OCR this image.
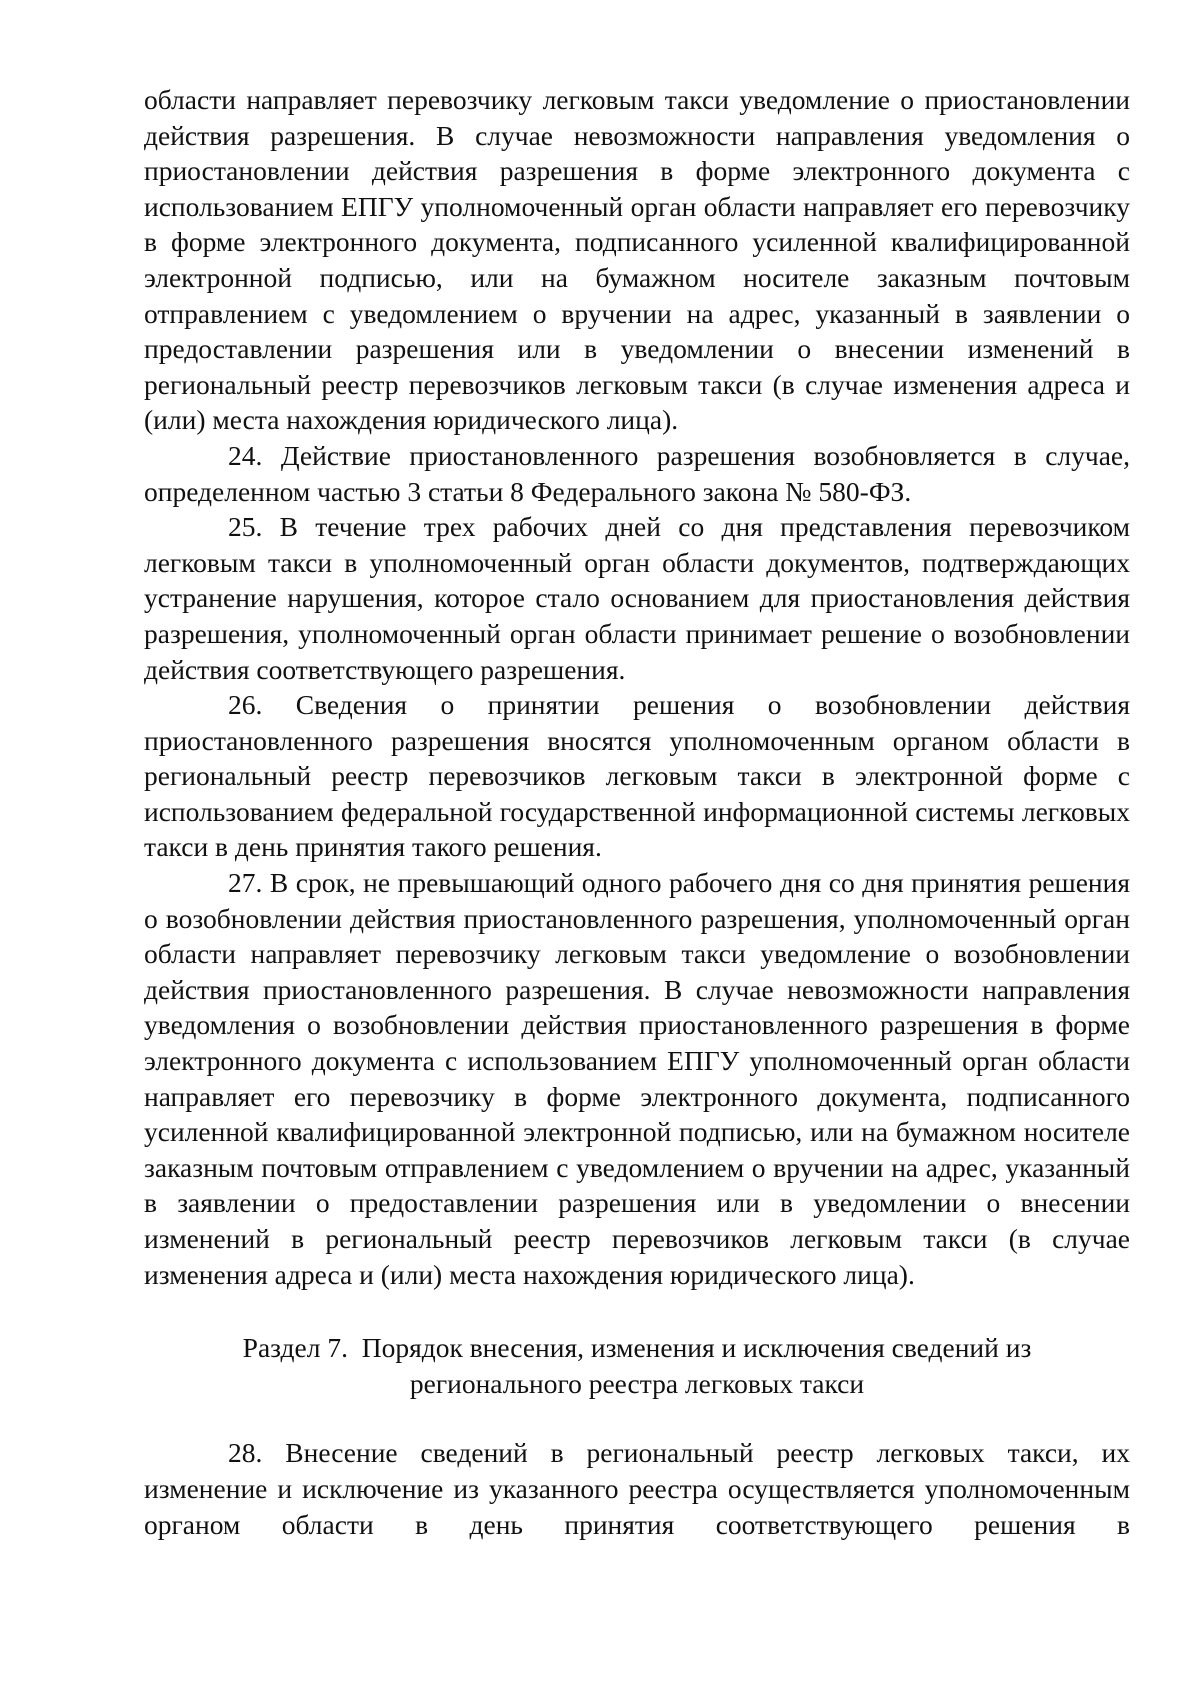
области направляет перевозчику легковым такси уведомление о приостановлении действия разрешения. В случае невозможности направления уведомления о приостановлении действия разрешения в форме электронного документа с использованием ЕПГУ уполномоченный орган области направляет его перевозчику в форме электронного документа, подписанного усиленной квалифицированной электронной подписью, или на бумажном носителе заказным почтовым отправлением с уведомлением о вручении на адрес, указанный в заявлении о предоставлении разрешения или в уведомлении о внесении изменений в региональный реестр перевозчиков легковым такси (в случае изменения адреса и (или) места нахождения юридического лица).

24. Действие приостановленного разрешения возобновляется в случае, определенном частью 3 статьи 8 Федерального закона № 580-ФЗ.

25. В течение трех рабочих дней со дня представления перевозчиком легковым такси в уполномоченный орган области документов, подтверждающих устранение нарушения, которое стало основанием для приостановления действия разрешения, уполномоченный орган области принимает решение о возобновлении действия соответствующего разрешения.

26. Сведения о принятии решения о возобновлении действия приостановленного разрешения вносятся уполномоченным органом области в региональный реестр перевозчиков легковым такси в электронной форме с использованием федеральной государственной информационной системы легковых такси в день принятия такого решения.

27. В срок, не превышающий одного рабочего дня со дня принятия решения о возобновлении действия приостановленного разрешения, уполномоченный орган области направляет перевозчику легковым такси уведомление о возобновлении действия приостановленного разрешения. В случае невозможности направления уведомления о возобновлении действия приостановленного разрешения в форме электронного документа с использованием ЕПГУ уполномоченный орган области направляет его перевозчику в форме электронного документа, подписанного усиленной квалифицированной электронной подписью, или на бумажном носителе заказным почтовым отправлением с уведомлением о вручении на адрес, указанный в заявлении о предоставлении разрешения или в уведомлении о внесении изменений в региональный реестр перевозчиков легковым такси (в случае изменения адреса и (или) места нахождения юридического лица).

Раздел 7.  Порядок внесения, изменения и исключения сведений из
регионального реестра легковых такси

28. Внесение сведений в региональный реестр легковых такси, их изменение и исключение из указанного реестра осуществляется уполномоченным органом области в день принятия соответствующего решения в
